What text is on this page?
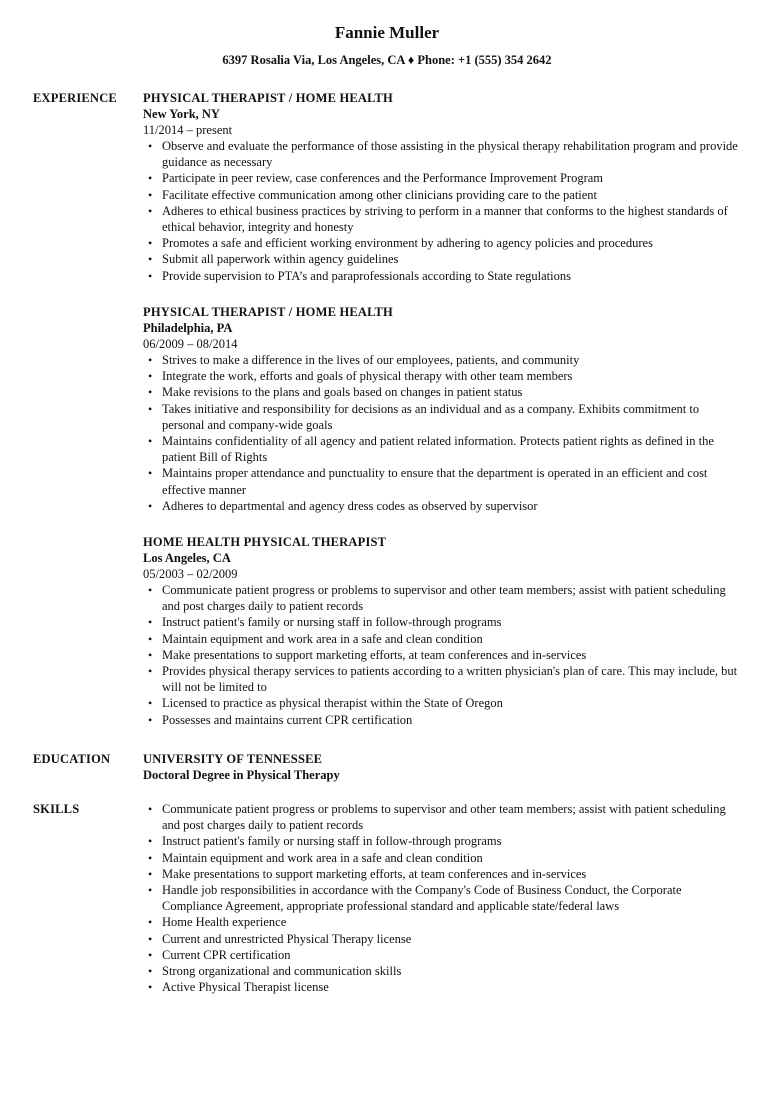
Fannie Muller
6397 Rosalia Via, Los Angeles, CA ♦ Phone: +1 (555) 354 2642
EXPERIENCE PHYSICAL THERAPIST / HOME HEALTH
New York, NY
11/2014 – present
• Observe and evaluate the performance of those assisting in the physical therapy rehabilitation program and provide guidance as necessary
• Participate in peer review, case conferences and the Performance Improvement Program
• Facilitate effective communication among other clinicians providing care to the patient
• Adheres to ethical business practices by striving to perform in a manner that conforms to the highest standards of ethical behavior, integrity and honesty
• Promotes a safe and efficient working environment by adhering to agency policies and procedures
• Submit all paperwork within agency guidelines
• Provide supervision to PTA’s and paraprofessionals according to State regulations
PHYSICAL THERAPIST / HOME HEALTH
Philadelphia, PA
06/2009 – 08/2014
• Strives to make a difference in the lives of our employees, patients, and community
• Integrate the work, efforts and goals of physical therapy with other team members
• Make revisions to the plans and goals based on changes in patient status
• Takes initiative and responsibility for decisions as an individual and as a company. Exhibits commitment to personal and company-wide goals
• Maintains confidentiality of all agency and patient related information. Protects patient rights as defined in the patient Bill of Rights
• Maintains proper attendance and punctuality to ensure that the department is operated in an efficient and cost effective manner
• Adheres to departmental and agency dress codes as observed by supervisor
HOME HEALTH PHYSICAL THERAPIST
Los Angeles, CA
05/2003 – 02/2009
• Communicate patient progress or problems to supervisor and other team members; assist with patient scheduling and post charges daily to patient records
• Instruct patient's family or nursing staff in follow-through programs
• Maintain equipment and work area in a safe and clean condition
• Make presentations to support marketing efforts, at team conferences and in-services
• Provides physical therapy services to patients according to a written physician's plan of care. This may include, but will not be limited to
• Licensed to practice as physical therapist within the State of Oregon
• Possesses and maintains current CPR certification
EDUCATION	UNIVERSITY OF TENNESSEE
Doctoral Degree in Physical Therapy
SKILLS	• Communicate patient progress or problems to supervisor and other team members; assist with patient scheduling and post charges daily to patient records
• Instruct patient's family or nursing staff in follow-through programs
• Maintain equipment and work area in a safe and clean condition
• Make presentations to support marketing efforts, at team conferences and in-services
• Handle job responsibilities in accordance with the Company's Code of Business Conduct, the Corporate Compliance Agreement, appropriate professional standard and applicable state/federal laws
• Home Health experience
• Current and unrestricted Physical Therapy license
• Current CPR certification
• Strong organizational and communication skills
• Active Physical Therapist license
